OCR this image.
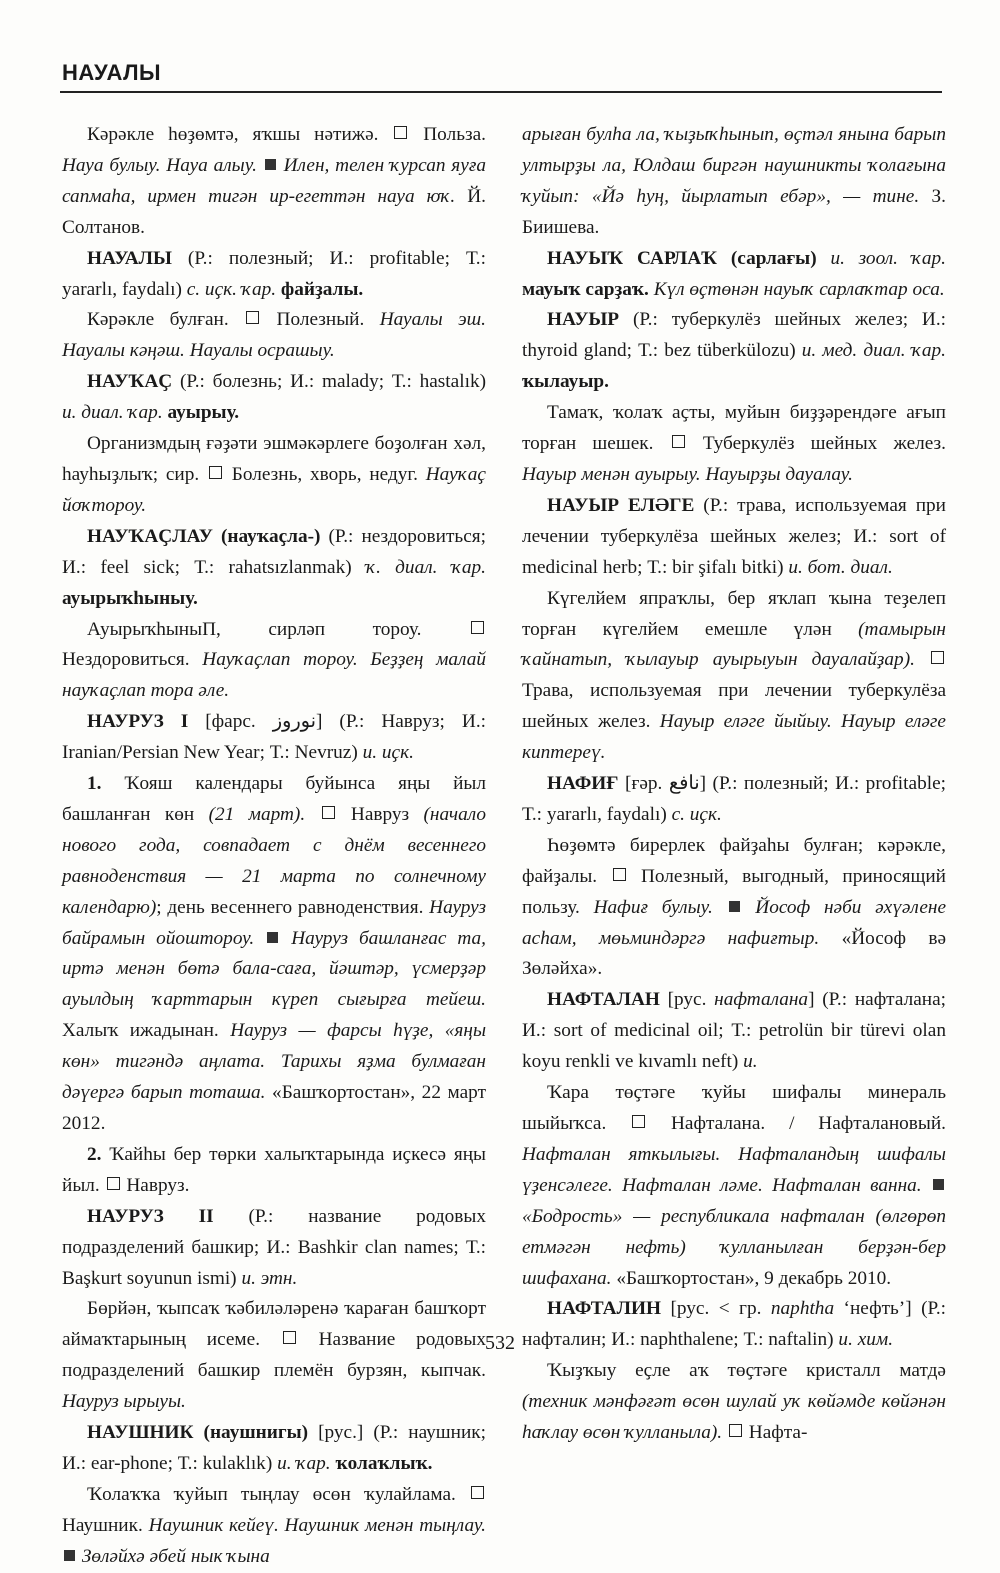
НАУАЛЫ

Кәрәкле һөҙөмтә, яҡшы нәтижә.  Польза. Науа булыу. Науа алыу. Илен, телен ҡурсап яуға сапмаһа, ирмен тигән ир-егеттән науа юҡ. Й. Солтанов.

НАУАЛЫ (Р.: полезный; И.: profitable; Т.: yararlı, faydalı) с. иҫк. ҡар. файҙалы.

Кәрәкле булған.  Полезный. Науалы эш. Науалы кәңәш. Науалы осрашыу.

НАУҠАҪ (Р.: болезнь; И.: malady; Т.: hastalık) и. диал. ҡар. ауырыу.

Организмдың ғәҙәти эшмәкәрлеге боҙолған хәл, һауһыҙлыҡ; сир.  Болезнь, хворь, недуг. Науҡаҫ йоҡтороу.

НАУҠАҪЛАУ (науҡаҫла-) (Р.: нездоровиться; И.: feel sick; Т.: rahatsızlanmak) ҡ. диал. ҡар. ауырыҡһыныу.

АуырыҡһыныП, сирләп тороу.  Нездоровиться. Науҡаҫлап тороу. Беҙҙең малай науҡаҫлап тора әле.

НАУРУЗ I [фарс. نوروز] (Р.: Навруз; И.: Iranian/Persian New Year; Т.: Nevruz) и. иҫк.

1. Ҡояш календары буйынса яңы йыл башланған көн (21 март).  Навруз (начало нового года, совпадает с днём весеннего равноденствия — 21 марта по солнечному календарю); день весеннего равноденствия. Науруз байрамын ойоштороу. Науруз башланғас та, иртә менән бөтә бала-сағa, йәштәр, үсмерҙәр ауылдың ҡарттарын күреп сығырға тейеш. Халыҡ ижадынан. Науруз — фарсы һүҙе, «яңы көн» тигәндә аңлата. Тарихы яҙма булмаған дәүергә барып тоташа. «Башҡортостан», 22 март 2012.

2. Ҡайһы бер төрки халыҡтарында иҫкесә яңы йыл.  Навруз.

НАУРУЗ II (Р.: название родовых подразделений башкир; И.: Bashkir clan names; Т.: Başkurt soyunun ismi) и. этн.

Бөрйән, ҡыпсаҡ ҡәбиләләренә ҡараған башҡорт аймаҡтарының исеме.  Название родовых подразделений башкир племён бурзян, кыпчак. Науруз ырыуы.

НАУШНИК (наушнигы) [рус.] (Р.: наушник; И.: ear-phone; Т.: kulaklık) и. ҡар. ҡолаҡлыҡ.

Ҡолаҡҡа ҡуйып тыңлау өсөн ҡулайлама.  Наушник. Наушник кейеү. Наушник менән тыңлау.  Зөләйхә әбей нык ҡына

арыған булһа ла, ҡыҙыҡһынып, өҫтәл янына барып ултырҙы ла, Юлдаш биргән наушникты ҡолағына ҡуйып: «Йә һуң, йырлатып ебәр», — тине. З. Биишева.

НАУЫҠ САРЛАҠ (сарлағы) и. зоол. ҡар. мауыҡ сарҙаҡ. Күл өҫтөнән науыҡ сарлаҡтар оса.

НАУЫР (Р.: туберкулёз шейных желез; И.: thyroid gland; Т.: bez tüberkülozu) и. мед. диал. ҡар. ҡылауыр.

Тамаҡ, ҡолаҡ аҫты, муйын биҙҙәрендәге ағып торған шешек.  Туберкулёз шейных желез. Науыр менән ауырыу. Науырҙы дауалау.

НАУЫР ЕЛӘГЕ (Р.: трава, используемая при лечении туберкулёза шейных желез; И.: sort of medicinal herb; Т.: bir şifalı bitki) и. бот. диал.

Күгелйем япраҡлы, бер яҡлап ҡына теҙелеп торған күгелйем емешле үлән (тамырын ҡайнатып, ҡылауыр ауырыуын дауалайҙар).  Трава, используемая при лечении туберкулёза шейных желез. Науыр еләге йыйыу. Науыр еләге киптереү.

НАФИҒ [ғәр. نافع] (Р.: полезный; И.: profitable; Т.: yararlı, faydalı) с. иҫк.

Һөҙөмтә бирерлек файҙаһы булған; кәрәкле, файҙалы.  Полезный, выгодный, приносящий пользу. Нафиғ булыу. Йософ нәби әхүәлене асһам, мөьминдәргә нафиғтыр. «Йософ вә Зөләйха».

НАФТАЛАН [рус. нафталана] (Р.: нафталана; И.: sort of medicinal oil; Т.: petrolün bir türevi olan koyu renkli ve kıvamlı neft) и.

Ҡара төҫтәге ҡуйы шифалы минераль шыйыҡса.  Нафталана. / Нафталановый. Нафталан яткылығы. Нафталандың шифалы үҙенсәлеге. Нафталан ләме. Нафталан ваннa.  «Бодрость» — республикала нафталан (өлгөрөп етмәгән нефть) ҡулланылған берҙән-бер шифахана. «Башҡортостан», 9 декабрь 2010.

НАФТАЛИН [рус. < гр. naphtha ‘нефть’] (Р.: нафталин; И.: naphthalene; Т.: naftalin) и. хим.

Ҡыҙҡыу еҫле аҡ төҫтәге кристалл матдә (техник мәнфәғәт өсөн шулай уҡ көйәмде көйәнән һаҡлау өсөн ҡулланыла).  Нафта-

532
